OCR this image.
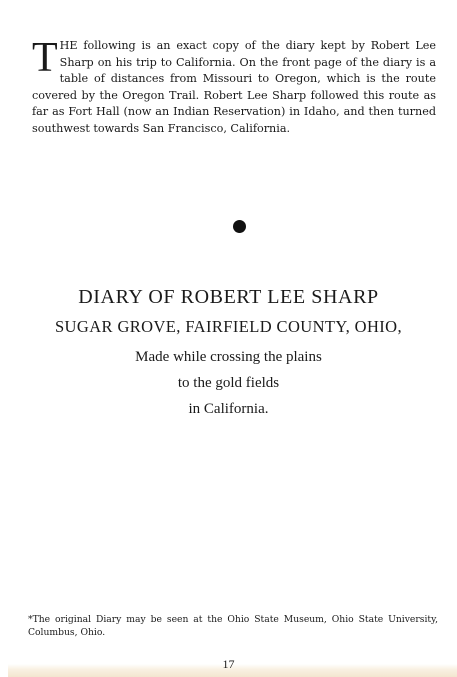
THE following is an exact copy of the diary kept by Robert Lee Sharp on his trip to California. On the front page of the diary is a table of distances from Missouri to Oregon, which is the route covered by the Oregon Trail. Robert Lee Sharp followed this route as far as Fort Hall (now an Indian Reservation) in Idaho, and then turned southwest towards San Francisco, California.

DIARY OF ROBERT LEE SHARP

SUGAR GROVE, FAIRFIELD COUNTY, OHIO,

Made while crossing the plains

to the gold fields

in California.

*The original Diary may be seen at the Ohio State Museum, Ohio State University, Columbus, Ohio.

17
